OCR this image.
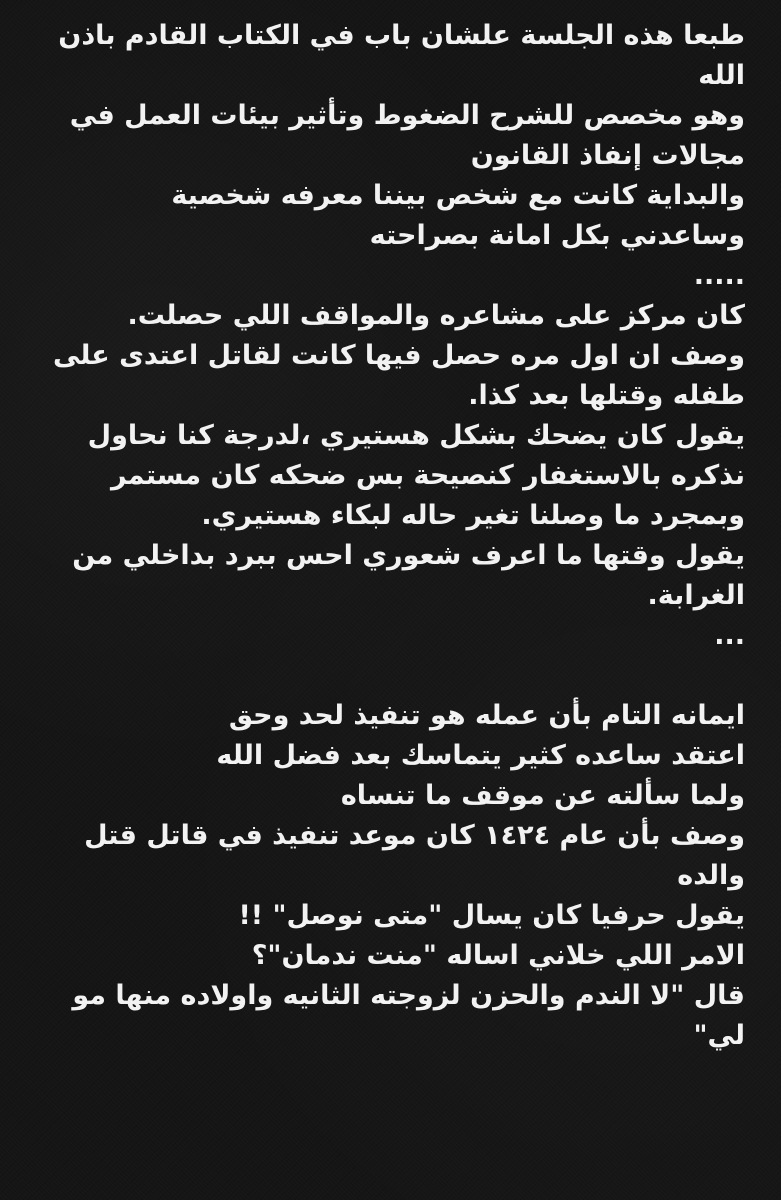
طبعا هذه الجلسة علشان باب في الكتاب القادم باذن
الله
وهو مخصص للشرح الضغوط وتأثير بيئات العمل في
مجالات إنفاذ القانون
والبداية كانت مع شخص بيننا معرفه شخصية
وساعدني بكل امانة بصراحته
.....
كان مركز على مشاعره والمواقف اللي حصلت.
وصف ان اول مره حصل فيها كانت لقاتل اعتدى على
طفله وقتلها بعد كذا.
يقول كان يضحك بشكل هستيري ،لدرجة كنا نحاول
نذكره بالاستغفار كنصيحة بس ضحكه كان مستمر
وبمجرد ما وصلنا تغير حاله لبكاء هستيري.
يقول وقتها ما اعرف شعوري احس ببرد بداخلي من
الغرابة.
...
ايمانه التام بأن عمله هو تنفيذ لحد وحق
اعتقد ساعده كثير يتماسك بعد فضل الله
ولما سألته عن موقف ما تنساه
وصف بأن عام ١٤٢٤ كان موعد تنفيذ في قاتل قتل
والده
يقول حرفيا كان يسال "متى نوصل" !!
الامر اللي خلاني اساله "منت ندمان"؟
قال "لا الندم والحزن لزوجته الثانيه واولاده منها مو
لي"
